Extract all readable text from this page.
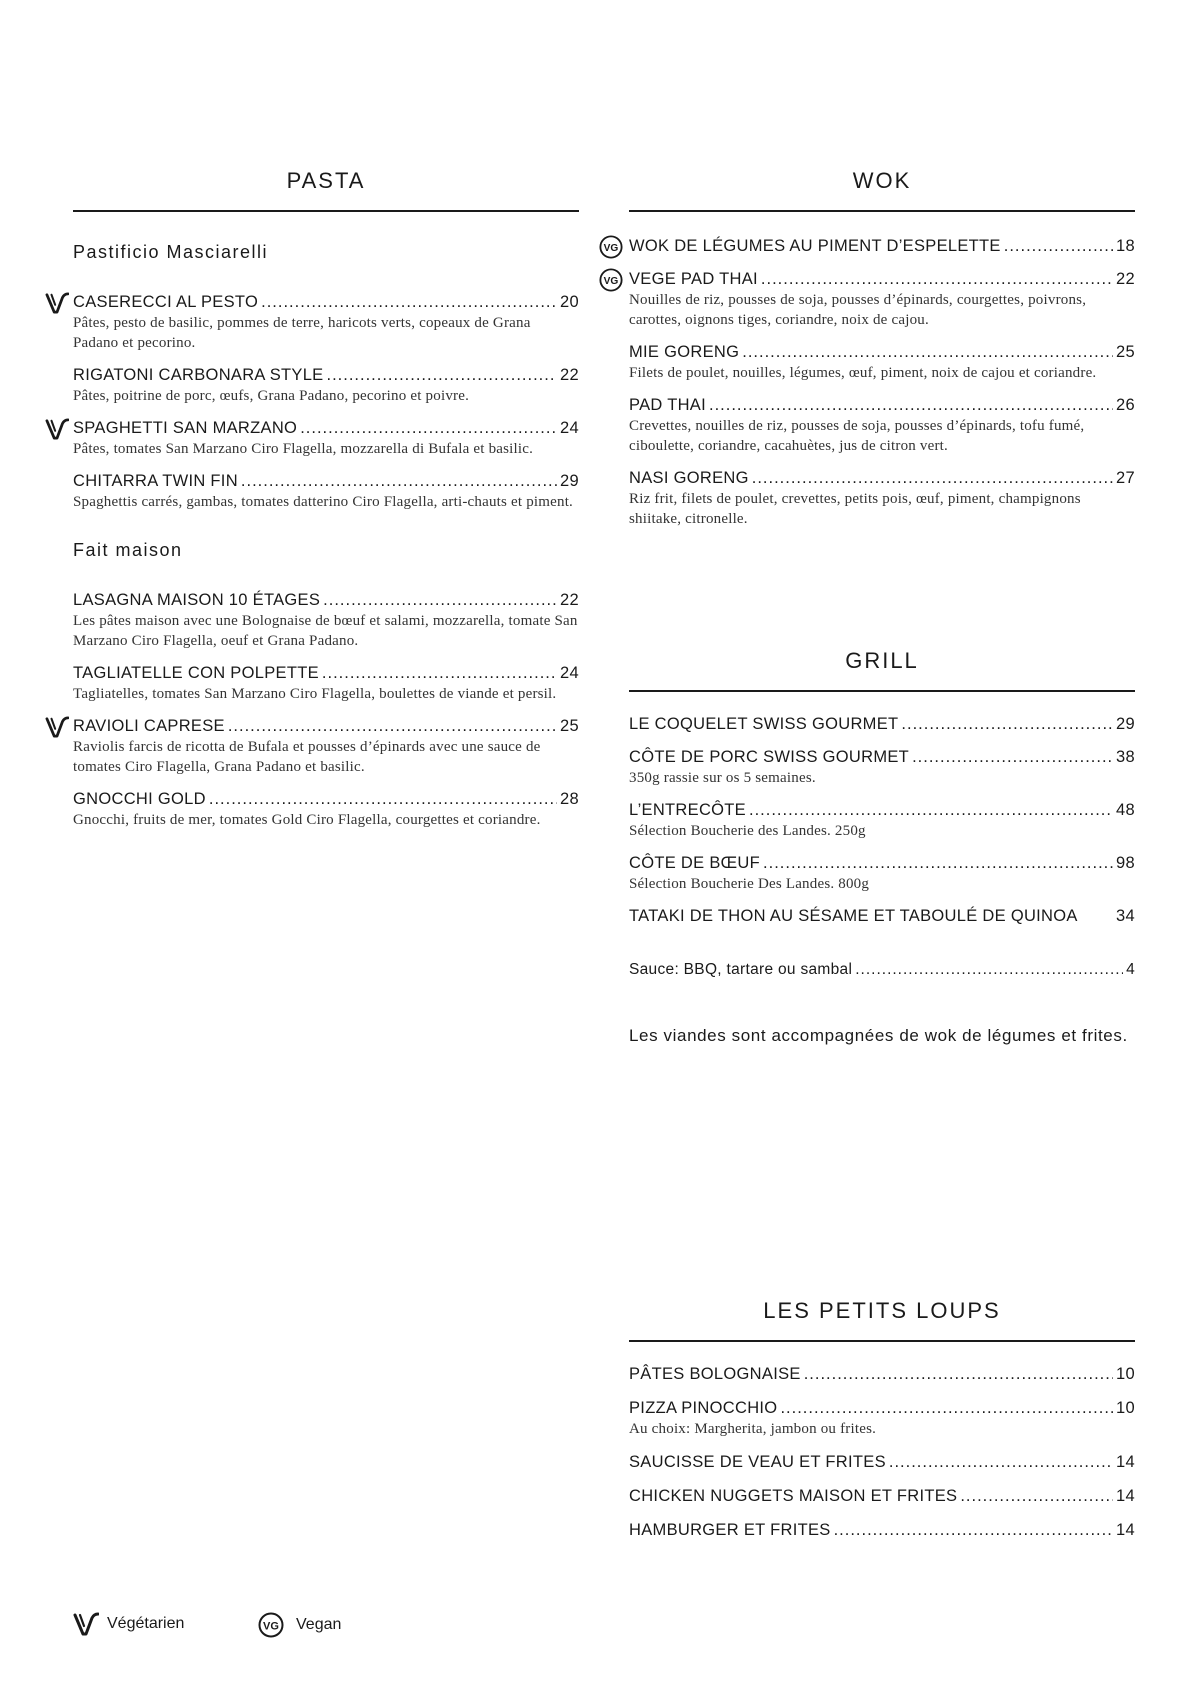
PASTA

Pastificio Masciarelli

CASERECCI AL PESTO .....	20
Pâtes, pesto de basilic, pommes de terre, haricots verts, copeaux de Grana Padano et pecorino.
RIGATONI CARBONARA STYLE .....	22
Pâtes, poitrine de porc, œufs, Grana Padano, pecorino et poivre.
SPAGHETTI SAN MARZANO .....	24
Pâtes, tomates San Marzano Ciro Flagella, mozzarella di Bufala et basilic.
CHITARRA TWIN FIN .....	29
Spaghettis carrés, gambas, tomates datterino Ciro Flagella, arti-chauts et piment.

Fait maison

LASAGNA MAISON 10 ÉTAGES .....	22
Les pâtes maison avec une Bolognaise de bœuf et salami, mozzarella, tomate San Marzano Ciro Flagella, oeuf et Grana Padano.
TAGLIATELLE CON POLPETTE .....	24
Tagliatelles, tomates San Marzano Ciro Flagella, boulettes de viande et persil.
RAVIOLI CAPRESE .....	25
Raviolis farcis de ricotta de Bufala et pousses d’épinards avec une sauce de tomates Ciro Flagella, Grana Padano et basilic.
GNOCCHI GOLD .....	28
Gnocchi, fruits de mer, tomates Gold Ciro Flagella, courgettes et coriandre.
WOK
WOK DE LÉGUMES AU PIMENT D’ESPELETTE .....	18
VG
VEGE PAD THAI .....	22
Nouilles de riz, pousses de soja, pousses d’épinards, courgettes, poivrons, carottes, oignons tiges, coriandre, noix de cajou.
VG
MIE GORENG .....	25
Filets de poulet, nouilles, légumes, œuf, piment, noix de cajou et coriandre.
PAD THAI .....	26
Crevettes, nouilles de riz, pousses de soja, pousses d’épinards, tofu fumé, ciboulette, coriandre, cacahuètes, jus de citron vert.
NASI GORENG .....	27
Riz frit, filets de poulet, crevettes, petits pois, œuf, piment, champignons shiitake, citronelle.
GRILL
LE COQUELET SWISS GOURMET .....	29
CÔTE DE PORC SWISS GOURMET .....	38
350g rassie sur os 5 semaines.
L’ENTRECÔTE .....	48
Sélection Boucherie des Landes. 250g
CÔTE DE BŒUF .....	98
Sélection Boucherie Des Landes. 800g
TATAKI DE THON AU SÉSAME ET TABOULÉ DE QUINOA 34
Sauce: BBQ, tartare ou sambal .....	4

Les viandes sont accompagnées de wok de légumes et frites.

LES PETITS LOUPS
PÂTES BOLOGNAISE .....	10
PIZZA PINOCCHIO .....	10
Au choix: Margherita, jambon ou frites.
SAUCISSE DE VEAU ET FRITES .....	14
CHICKEN NUGGETS MAISON ET FRITES .....	14
HAMBURGER ET FRITES .....	14
Végétarien	VG Vegan
